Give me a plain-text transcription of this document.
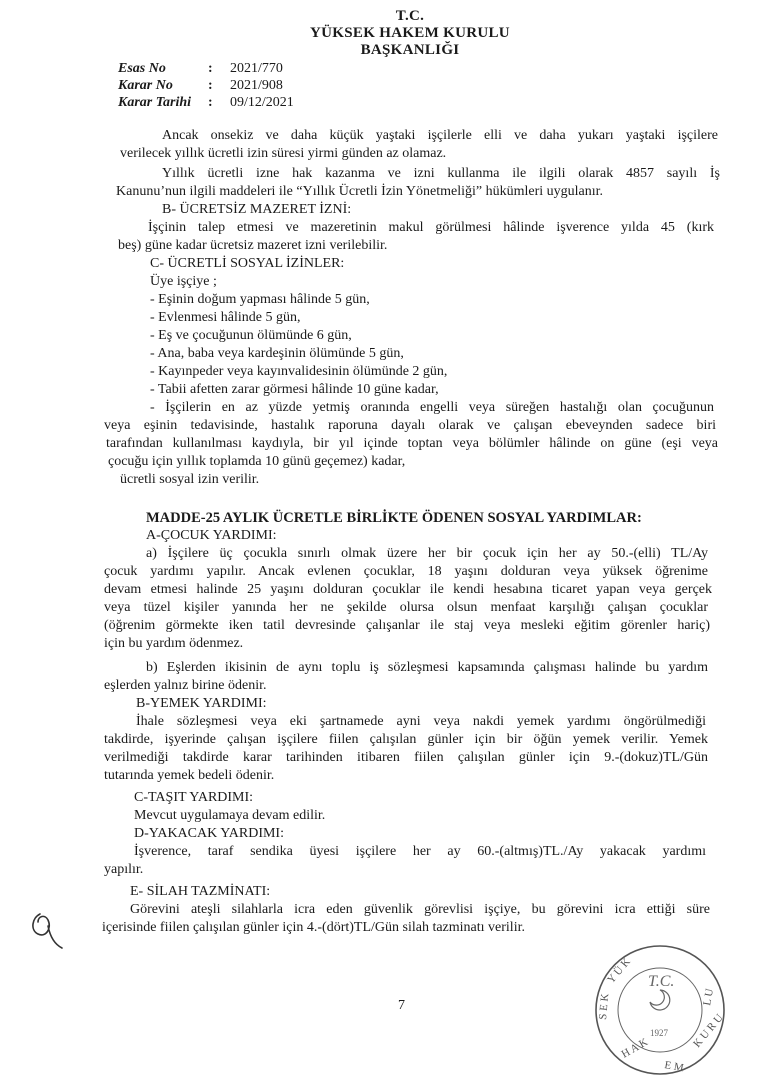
T.C.
YÜKSEK HAKEM KURULU
BAŞKANLIĞI
Esas No	:	2021/770
Karar No	:	2021/908
Karar Tarihi	:	09/12/2021
Ancak onsekiz ve daha küçük yaştaki işçilerle elli ve daha yukarı yaştaki işçilere
verilecek yıllık ücretli izin süresi yirmi günden az olamaz.
Yıllık ücretli izne hak kazanma ve izni kullanma ile ilgili olarak 4857 sayılı İş
Kanunu’nun ilgili maddeleri ile “Yıllık Ücretli İzin Yönetmeliği” hükümleri uygulanır.
B- ÜCRETSİZ MAZERET İZNİ:
İşçinin talep etmesi ve mazeretinin makul görülmesi hâlinde işverence yılda 45 (kırk
beş) güne kadar ücretsiz mazeret izni verilebilir.
C- ÜCRETLİ SOSYAL İZİNLER:
Üye işçiye ;
- Eşinin doğum yapması hâlinde 5 gün,
- Evlenmesi hâlinde 5 gün,
- Eş ve çocuğunun ölümünde 6 gün,
- Ana, baba veya kardeşinin ölümünde 5 gün,
- Kayınpeder veya kayınvalidesinin ölümünde 2 gün,
- Tabii afetten zarar görmesi hâlinde 10 güne kadar,
- İşçilerin en az yüzde yetmiş oranında engelli veya süreğen hastalığı olan çocuğunun
veya eşinin tedavisinde, hastalık raporuna dayalı olarak ve çalışan ebeveynden sadece biri
tarafından kullanılması kaydıyla, bir yıl içinde toptan veya bölümler hâlinde on güne (eşi veya
çocuğu için yıllık toplamda 10 günü geçemez) kadar,
ücretli sosyal izin verilir.
MADDE-25 AYLIK ÜCRETLE BİRLİKTE ÖDENEN SOSYAL YARDIMLAR:
A-ÇOCUK YARDIMI:
a) İşçilere üç çocukla sınırlı olmak üzere her bir çocuk için her ay 50.-(elli) TL/Ay
çocuk yardımı yapılır. Ancak evlenen çocuklar, 18 yaşını dolduran veya yüksek öğrenime
devam etmesi halinde 25 yaşını dolduran çocuklar ile kendi hesabına ticaret yapan veya gerçek
veya tüzel kişiler yanında her ne şekilde olursa olsun menfaat karşılığı çalışan çocuklar
(öğrenim görmekte iken tatil devresinde çalışanlar ile staj veya mesleki eğitim görenler hariç)
için bu yardım ödenmez.
b) Eşlerden ikisinin de aynı toplu iş sözleşmesi kapsamında çalışması halinde bu yardım
eşlerden yalnız birine ödenir.
B-YEMEK YARDIMI:
İhale sözleşmesi veya eki şartnamede ayni veya nakdi yemek yardımı öngörülmediği
takdirde, işyerinde çalışan işçilere fiilen çalışılan günler için bir öğün yemek verilir. Yemek
verilmediği takdirde karar tarihinden itibaren fiilen çalışılan günler için 9.-(dokuz)TL/Gün
tutarında yemek bedeli ödenir.
C-TAŞIT YARDIMI:
Mevcut uygulamaya devam edilir.
D-YAKACAK YARDIMI:
İşverence, taraf sendika üyesi işçilere her ay 60.-(altmış)TL./Ay yakacak yardımı
yapılır.
E- SİLAH TAZMİNATI:
Görevini ateşli silahlarla icra eden güvenlik görevlisi işçiye, bu görevini icra ettiği süre
içerisinde fiilen çalışılan günler için 4.-(dört)TL/Gün silah tazminatı verilir.
7
Y Ü K
S E K
H A K
E M
K U R U
L U
T.C.
1927
